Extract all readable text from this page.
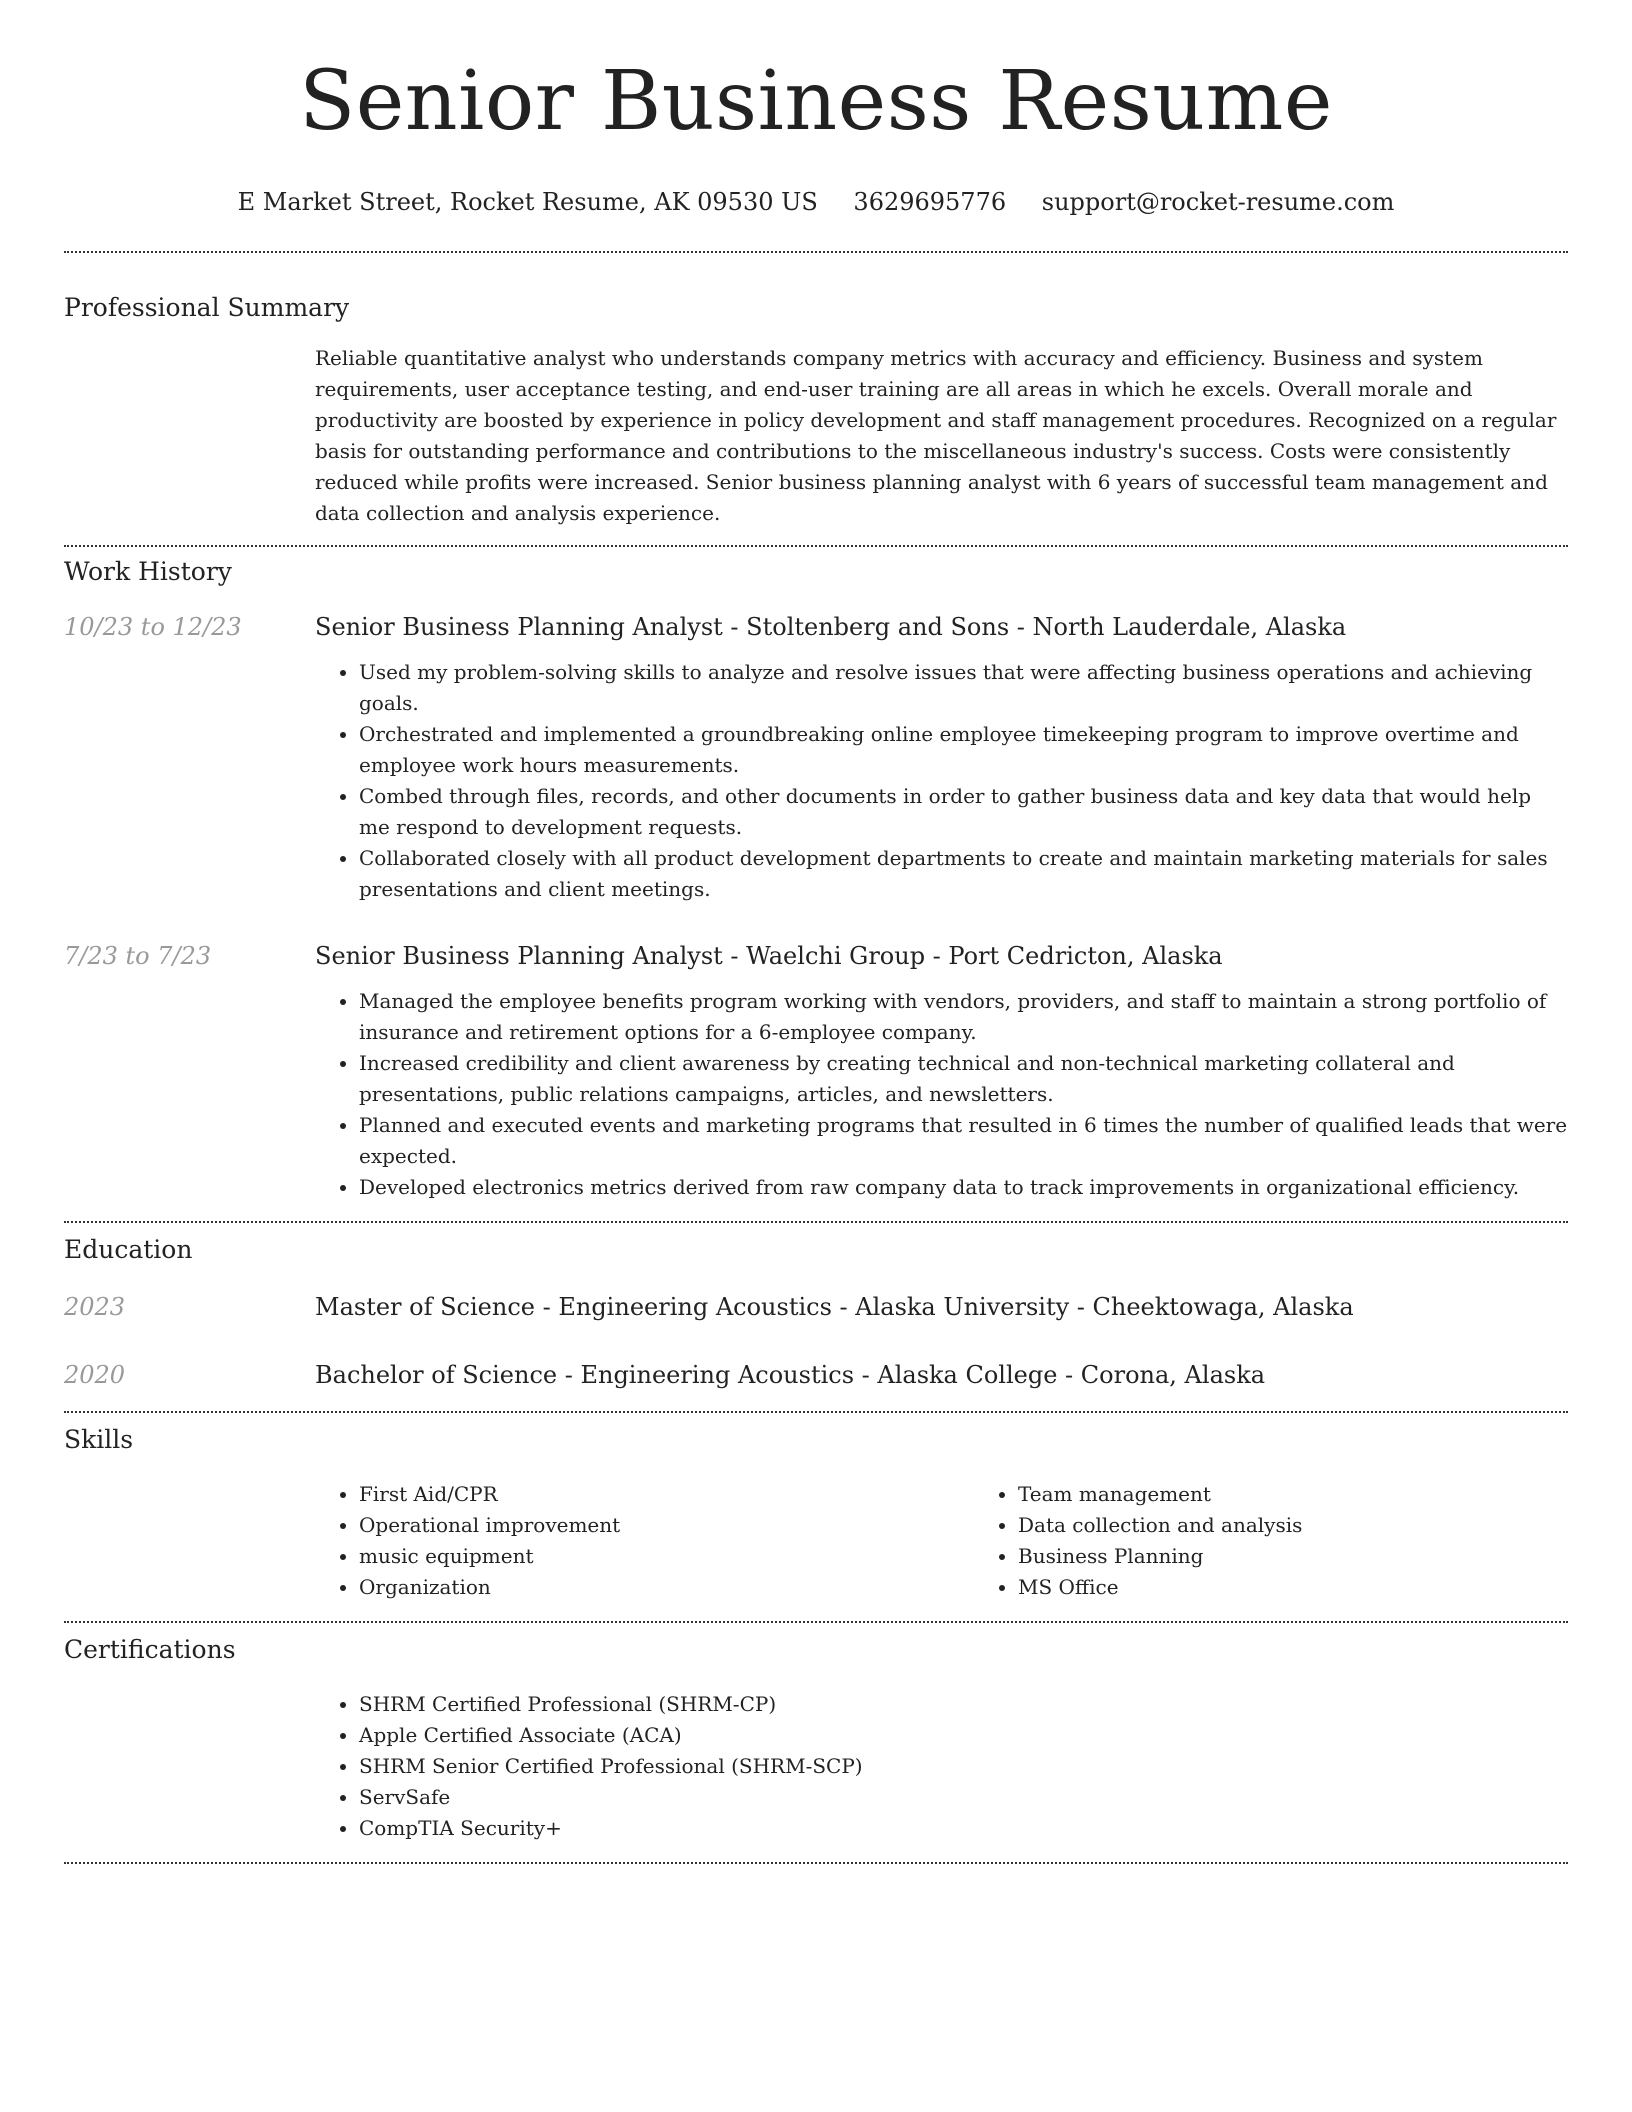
Senior Business Resume
E Market Street, Rocket Resume, AK 09530 US 3629695776 support@rocket-resume.com
Professional Summary

Reliable quantitative analyst who understands company metrics with accuracy and efficiency. Business and system requirements, user acceptance testing, and end-user training are all areas in which he excels. Overall morale and productivity are boosted by experience in policy development and staff management procedures. Recognized on a regular basis for outstanding performance and contributions to the miscellaneous industry's success. Costs were consistently reduced while profits were increased. Senior business planning analyst with 6 years of successful team management and data collection and analysis experience.

Work History
10/23 to 12/23	Senior Business Planning Analyst - Stoltenberg and Sons - North Lauderdale, Alaska
• Used my problem-solving skills to analyze and resolve issues that were affecting business operations and achieving goals.
• Orchestrated and implemented a groundbreaking online employee timekeeping program to improve overtime and employee work hours measurements.
• Combed through files, records, and other documents in order to gather business data and key data that would help me respond to development requests.
• Collaborated closely with all product development departments to create and maintain marketing materials for sales presentations and client meetings.
7/23 to 7/23	Senior Business Planning Analyst - Waelchi Group - Port Cedricton, Alaska
• Managed the employee benefits program working with vendors, providers, and staff to maintain a strong portfolio of insurance and retirement options for a 6-employee company.
• Increased credibility and client awareness by creating technical and non-technical marketing collateral and presentations, public relations campaigns, articles, and newsletters.
• Planned and executed events and marketing programs that resulted in 6 times the number of qualified leads that were expected.
• Developed electronics metrics derived from raw company data to track improvements in organizational efficiency.
Education
2023	Master of Science - Engineering Acoustics - Alaska University - Cheektowaga, Alaska
2020	Bachelor of Science - Engineering Acoustics - Alaska College - Corona, Alaska
Skills
• First Aid/CPR
• Operational improvement
• music equipment
• Organization
• Team management
• Data collection and analysis
• Business Planning
• MS Office
Certifications
• SHRM Certified Professional (SHRM-CP)
• Apple Certified Associate (ACA)
• SHRM Senior Certified Professional (SHRM-SCP)
• ServSafe
• CompTIA Security+
